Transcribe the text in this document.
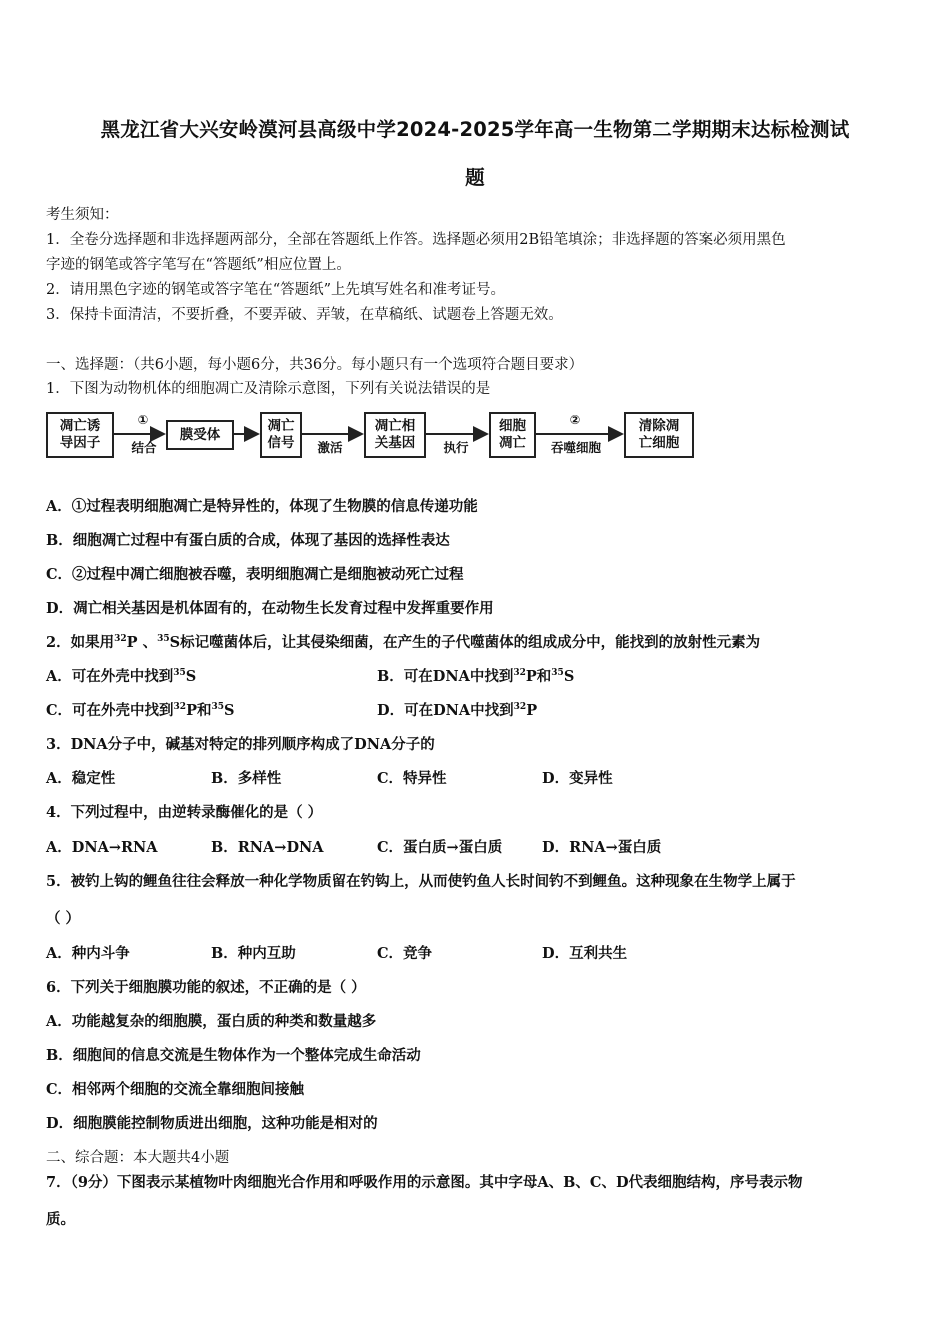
黑龙江省大兴安岭漠河县高级中学2024-2025学年高一生物第二学期期末达标检测试
题
考生须知：
1．全卷分选择题和非选择题两部分，全部在答题纸上作答。选择题必须用2B铅笔填涂；非选择题的答案必须用黑色
字迹的钢笔或答字笔写在“答题纸”相应位置上。
2．请用黑色字迹的钢笔或答字笔在“答题纸”上先填写姓名和准考证号。
3．保持卡面清洁，不要折叠，不要弄破、弄皱，在草稿纸、试题卷上答题无效。
一、选择题：（共6小题，每小题6分，共36分。每小题只有一个选项符合题目要求）
1．下图为动物机体的细胞凋亡及清除示意图，下列有关说法错误的是
凋亡诱
导因子
①
结合
膜受体
凋亡
信号	激活
凋亡相
关基因	执行
细胞
凋亡
②
吞噬细胞
清除凋
亡细胞
A．①过程表明细胞凋亡是特异性的，体现了生物膜的信息传递功能
B．细胞凋亡过程中有蛋白质的合成，体现了基因的选择性表达
C．②过程中凋亡细胞被吞噬，表明细胞凋亡是细胞被动死亡过程
D．凋亡相关基因是机体固有的，在动物生长发育过程中发挥重要作用
2．如果用$^{32}$P 、$^{35}$S标记噬菌体后，让其侵染细菌，在产生的子代噬菌体的组成成分中，能找到的放射性元素为
A．可在外壳中找到$^{35}$S	B．可在DNA中找到$^{32}$P和$^{35}$S
C．可在外壳中找到$^{32}$P和$^{35}$S	D．可在DNA中找到$^{32}$P
3．DNA分子中，碱基对特定的排列顺序构成了DNA分子的
A．稳定性	B．多样性	C．特异性	D．变异性
4．下列过程中，由逆转录酶催化的是（ ）
A．DNA→RNA	B．RNA→DNA	C．蛋白质→蛋白质	D．RNA→蛋白质
5．被钓上钩的鲤鱼往往会释放一种化学物质留在钓钩上，从而使钓鱼人长时间钓不到鲤鱼。这种现象在生物学上属于
（ ）
A．种内斗争	B．种内互助	C．竞争	D．互利共生
6．下列关于细胞膜功能的叙述，不正确的是（ ）
A．功能越复杂的细胞膜，蛋白质的种类和数量越多
B．细胞间的信息交流是生物体作为一个整体完成生命活动
C．相邻两个细胞的交流全靠细胞间接触
D．细胞膜能控制物质进出细胞，这种功能是相对的
二、综合题：本大题共4小题
7．（9分）下图表示某植物叶肉细胞光合作用和呼吸作用的示意图。其中字母A、B、C、D代表细胞结构，序号表示物
质。
